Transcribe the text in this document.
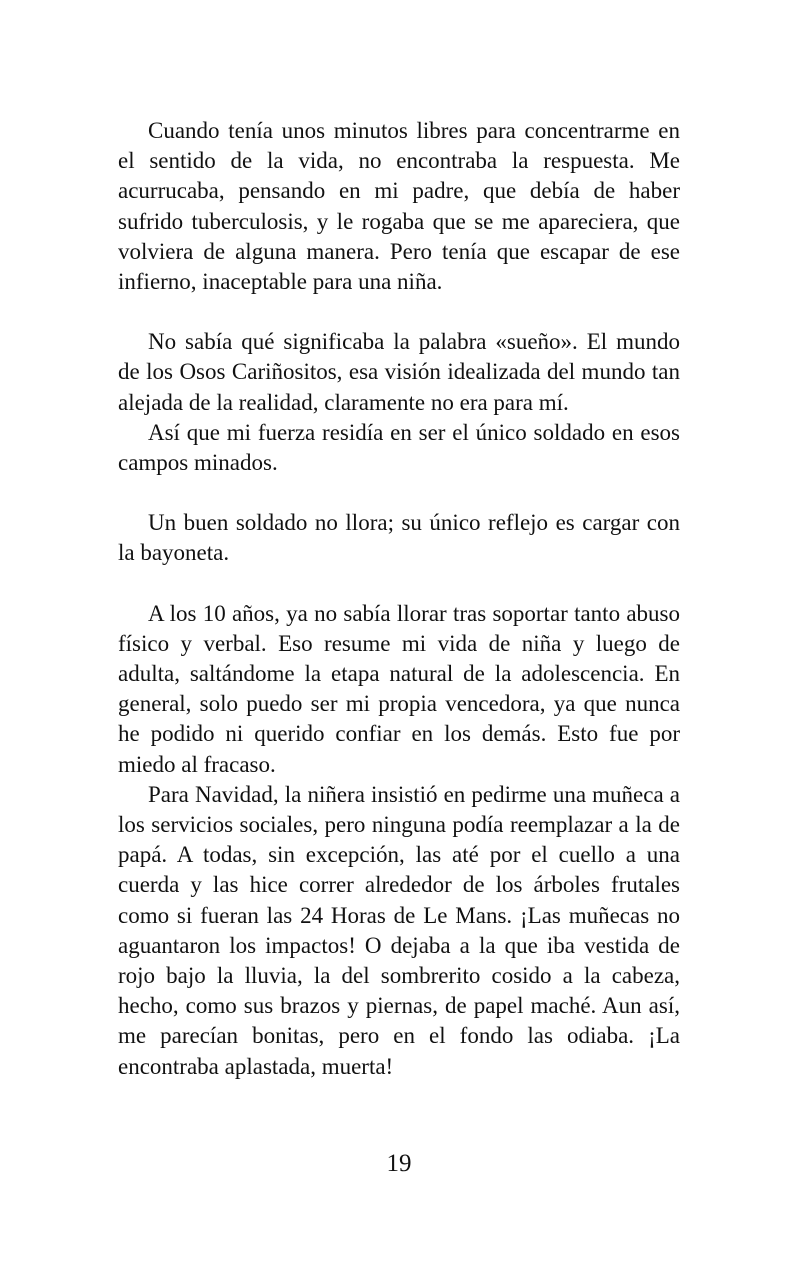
Cuando tenía unos minutos libres para concentrarme en el sentido de la vida, no encontraba la respuesta. Me acurrucaba, pensando en mi padre, que debía de haber sufrido tuberculosis, y le rogaba que se me apareciera, que volviera de alguna manera. Pero tenía que escapar de ese infierno, inaceptable para una niña.

No sabía qué significaba la palabra «sueño». El mundo de los Osos Cariñositos, esa visión idealizada del mundo tan alejada de la realidad, claramente no era para mí.

Así que mi fuerza residía en ser el único soldado en esos campos minados.

Un buen soldado no llora; su único reflejo es cargar con la bayoneta.

A los 10 años, ya no sabía llorar tras soportar tanto abuso físico y verbal. Eso resume mi vida de niña y luego de adulta, saltándome la etapa natural de la adolescencia. En general, solo puedo ser mi propia vencedora, ya que nunca he podido ni querido confiar en los demás. Esto fue por miedo al fracaso.

Para Navidad, la niñera insistió en pedirme una muñeca a los servicios sociales, pero ninguna podía reemplazar a la de papá. A todas, sin excepción, las até por el cuello a una cuerda y las hice correr alrededor de los árboles frutales como si fueran las 24 Horas de Le Mans. ¡Las muñecas no aguantaron los impactos! O dejaba a la que iba vestida de rojo bajo la lluvia, la del sombrerito cosido a la cabeza, hecho, como sus brazos y piernas, de papel maché. Aun así, me parecían bonitas, pero en el fondo las odiaba. ¡La encontraba aplastada, muerta!

19
